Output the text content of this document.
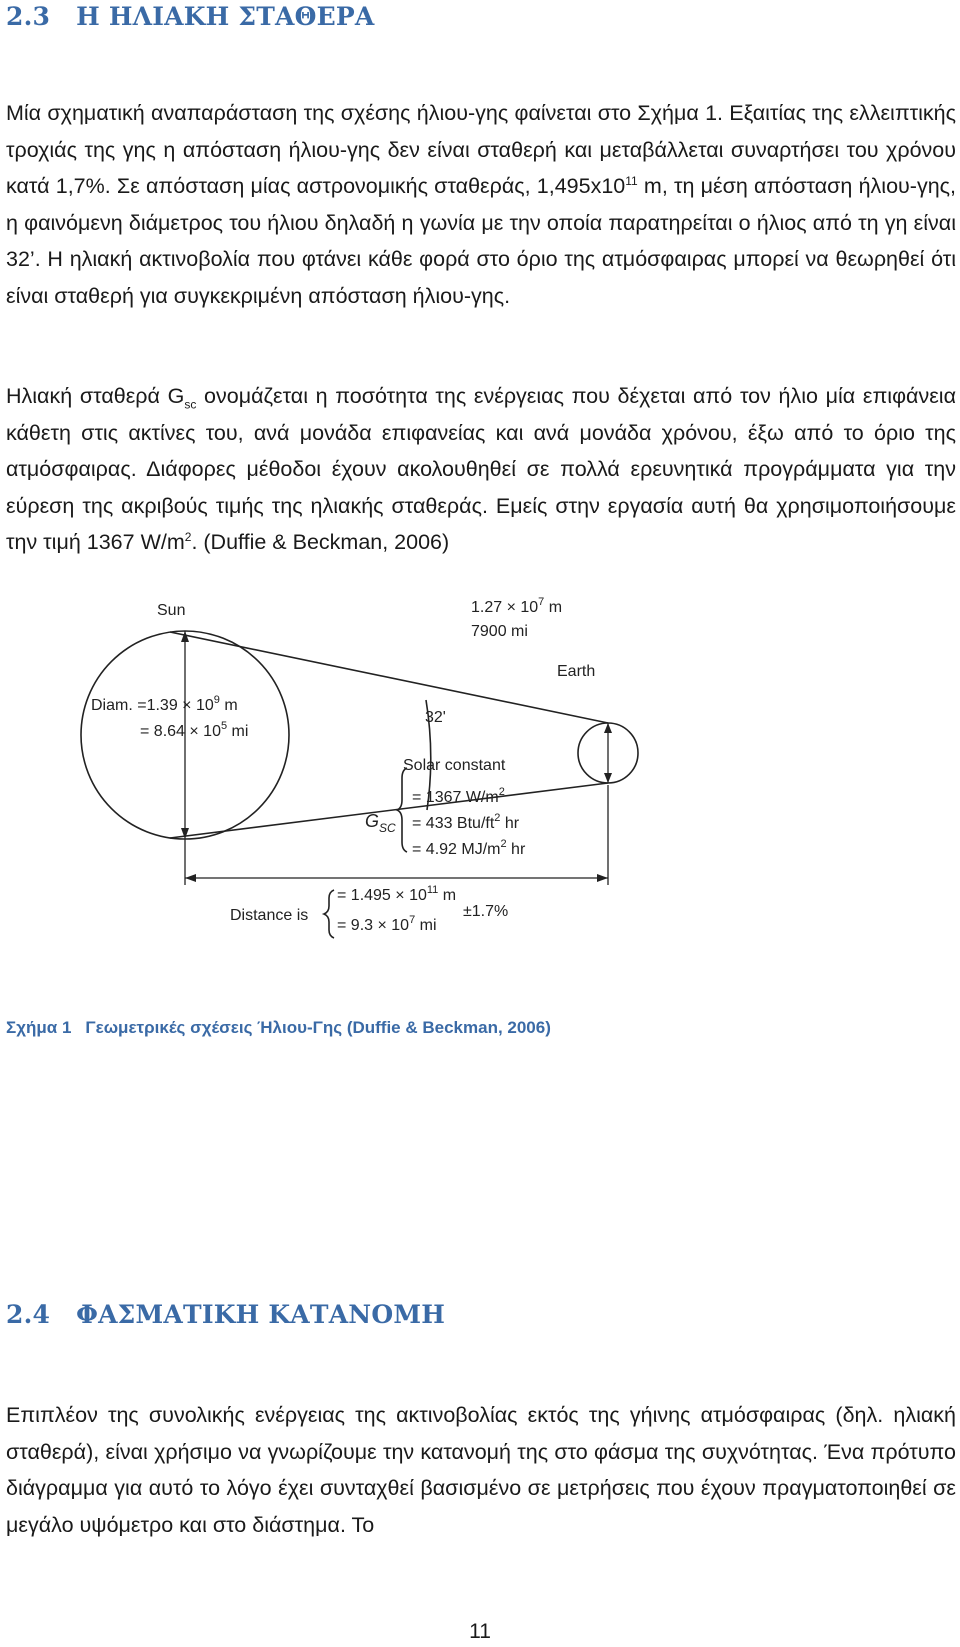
2.3 Η ΗΛΙΑΚΗ ΣΤΑΘΕΡΑ

Μία σχηματική αναπαράσταση της σχέσης ήλιου-γης φαίνεται στο Σχήμα 1. Εξαιτίας της ελλειπτικής τροχιάς της γης η απόσταση ήλιου-γης δεν είναι σταθερή και μεταβάλλεται συναρτήσει του χρόνου κατά 1,7%. Σε απόσταση μίας αστρονομικής σταθεράς, $1,495x10^{11}$ m, τη μέση απόσταση ήλιου-γης, η φαινόμενη διάμετρος του ήλιου δηλαδή η γωνία με την οποία παρατηρείται ο ήλιος από τη γη είναι 32’. Η ηλιακή ακτινοβολία που φτάνει κάθε φορά στο όριο της ατμόσφαιρας μπορεί να θεωρηθεί ότι είναι σταθερή για συγκεκριμένη απόσταση ήλιου-γης.

Ηλιακή σταθερά $G_{sc}$ ονομάζεται η ποσότητα της ενέργειας που δέχεται από τον ήλιο μία επιφάνεια κάθετη στις ακτίνες του, ανά μονάδα επιφανείας και ανά μονάδα χρόνου, έξω από το όριο της ατμόσφαιρας. Διάφορες μέθοδοι έχουν ακολουθηθεί σε πολλά ερευνητικά προγράμματα για την εύρεση της ακριβούς τιμής της ηλιακής σταθεράς. Εμείς στην εργασία αυτή θα χρησιμοποιήσουμε την τιμή 1367 $W/m^2$. (Duffie & Beckman, 2006)

Sun
Diam. $=1.39 \times 10^9$ m
= $8.64 \times 10^5$ mi
$1.27 \times 10^7$ m
7900 mi
Earth
32'
Solar constant
$G_{SC}$
= 1367 $W/m^2$
= 433 Btu/$ft^2$ hr
= 4.92 $MJ/m^2$ hr
Distance is
= $1.495 \times 10^{11}$ m
= $9.3 \times 10^7$ mi
±1.7%

Σχήμα 1 Γεωμετρικές σχέσεις Ήλιου-Γης (Duffie & Beckman, 2006)

2.4 ΦΑΣΜΑΤΙΚΗ ΚΑΤΑΝΟΜΗ

Επιπλέον της συνολικής ενέργειας της ακτινοβολίας εκτός της γήινης ατμόσφαιρας (δηλ. ηλιακή σταθερά), είναι χρήσιμο να γνωρίζουμε την κατανομή της στο φάσμα της συχνότητας. Ένα πρότυπο διάγραμμα για αυτό το λόγο έχει συνταχθεί βασισμένο σε μετρήσεις που έχουν πραγματοποιηθεί σε μεγάλο υψόμετρο και στο διάστημα. Το

11
